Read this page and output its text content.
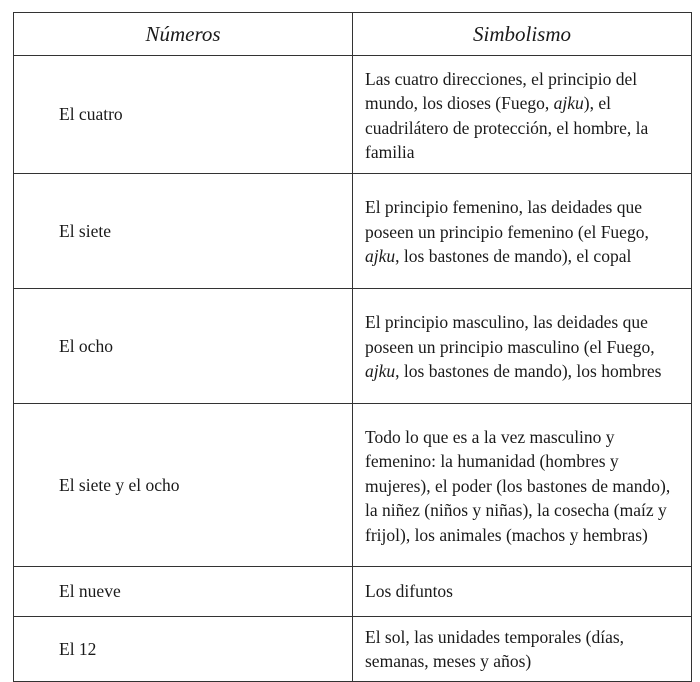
Números	Simbolismo
El cuatro	Las cuatro direcciones, el principio del mundo, los dioses (Fuego, ajku), el cuadrilátero de protección, el hombre, la familia
El siete	El principio femenino, las deidades que poseen un principio femenino (el Fuego, ajku, los bastones de mando), el copal
El ocho	El principio masculino, las deidades que poseen un principio masculino (el Fuego, ajku, los bastones de mando), los hombres
El siete y el ocho	Todo lo que es a la vez masculino y femenino: la humanidad (hombres y mujeres), el poder (los bastones de mando), la niñez (niños y niñas), la cosecha (maíz y frijol), los animales (machos y hembras)
El nueve	Los difuntos
El 12	El sol, las unidades temporales (días, semanas, meses y años)
